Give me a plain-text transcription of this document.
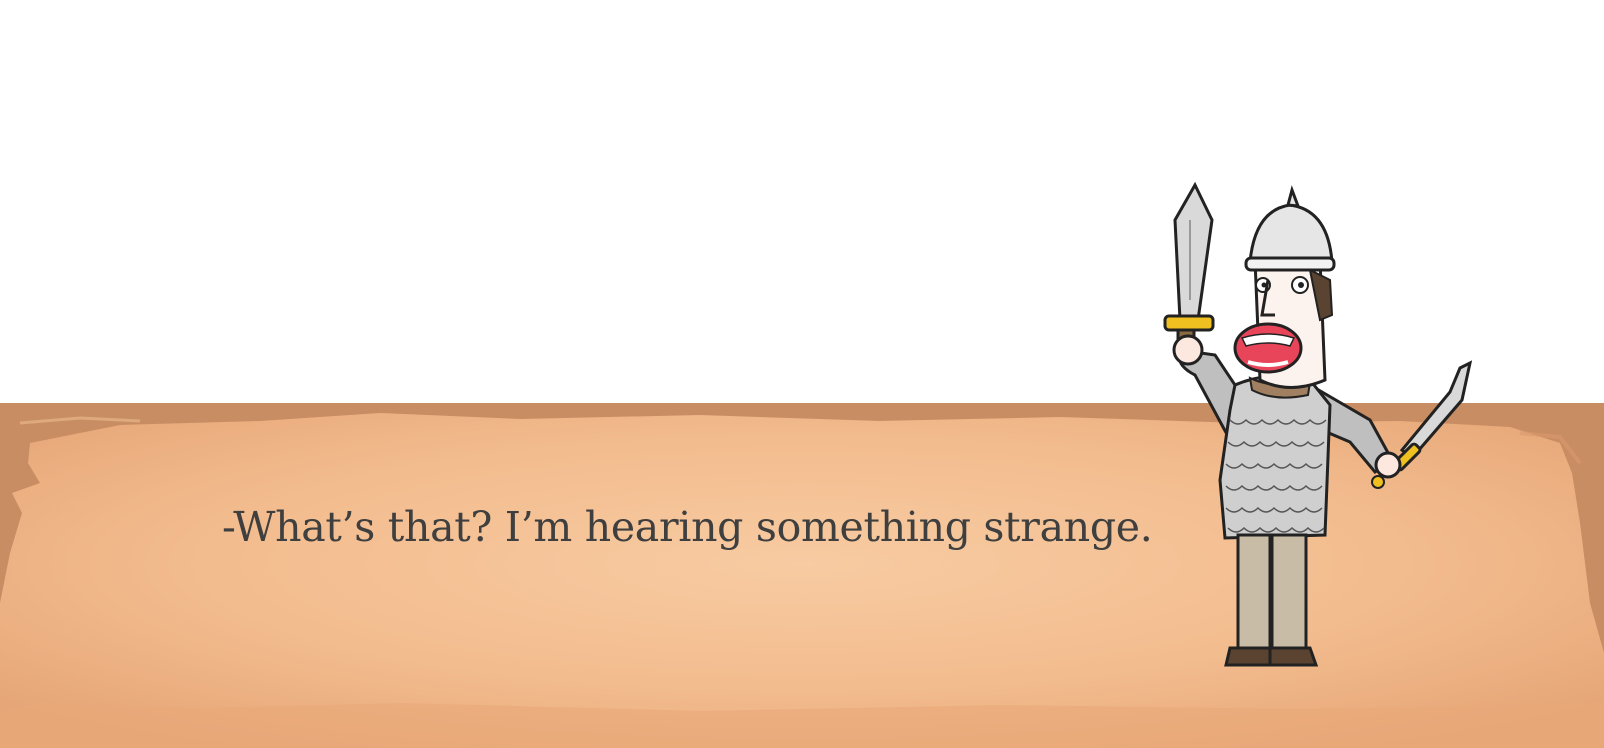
-What’s that? I’m hearing something strange.
